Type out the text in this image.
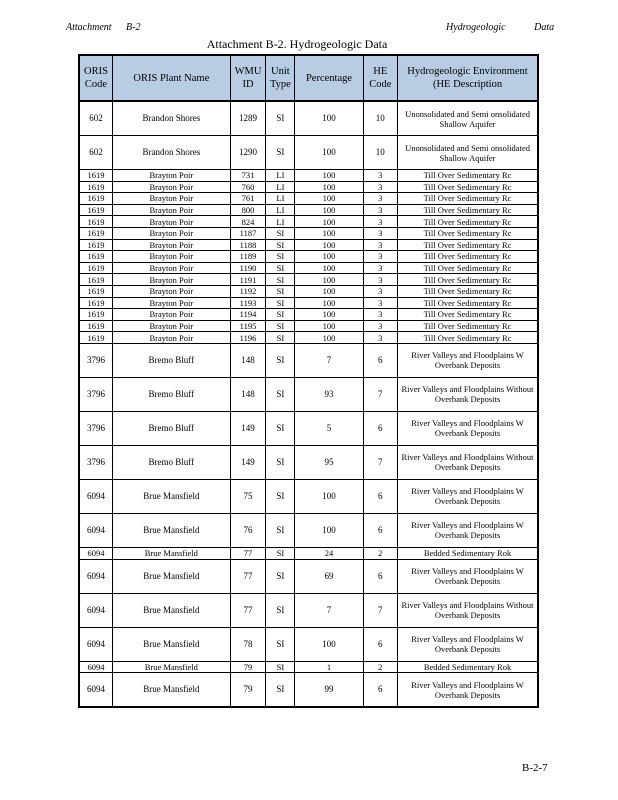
Attachment B-2	Hydrogeologic	Data
Attachment B-2. Hydrogeologic Data
ORIS Code	ORIS Plant Name	WMU ID	Unit Type	Percentage	HE Code	Hydrogeologic Environment (HE Description
602	Brandon Shores	1289	SI	100	10	Unonsolidated and Semi onsolidated Shallow Aquifer
602	Brandon Shores	1290	SI	100	10	Unonsolidated and Semi onsolidated Shallow Aquifer
1619	Brayton Poir	731	LI	100	3	Till Over Sedimentary Rc
1619	Brayton Poir	760	LI	100	3	Till Over Sedimentary Rc
1619	Brayton Poir	761	LI	100	3	Till Over Sedimentary Rc
1619	Brayton Poir	800	LI	100	3	Till Over Sedimentary Rc
1619	Brayton Poir	824	LI	100	3	Till Over Sedimentary Rc
1619	Brayton Poir	1187	SI	100	3	Till Over Sedimentary Rc
1619	Brayton Poir	1188	SI	100	3	Till Over Sedimentary Rc
1619	Brayton Poir	1189	SI	100	3	Till Over Sedimentary Rc
1619	Brayton Poir	1190	SI	100	3	Till Over Sedimentary Rc
1619	Brayton Poir	1191	SI	100	3	Till Over Sedimentary Rc
1619	Brayton Poir	1192	SI	100	3	Till Over Sedimentary Rc
1619	Brayton Poir	1193	SI	100	3	Till Over Sedimentary Rc
1619	Brayton Poir	1194	SI	100	3	Till Over Sedimentary Rc
1619	Brayton Poir	1195	SI	100	3	Till Over Sedimentary Rc
1619	Brayton Poir	1196	SI	100	3	Till Over Sedimentary Rc
3796	Bremo Bluff	148	SI	7	6	River Valleys and Floodplains W Overbank Deposits
3796	Bremo Bluff	148	SI	93	7	River Valleys and Floodplains Without Overbank Deposits
3796	Bremo Bluff	149	SI	5	6	River Valleys and Floodplains W Overbank Deposits
3796	Bremo Bluff	149	SI	95	7	River Valleys and Floodplains Without Overbank Deposits
6094	Brue Mansfield	75	SI	100	6	River Valleys and Floodplains W Overbank Deposits
6094	Brue Mansfield	76	SI	100	6	River Valleys and Floodplains W Overbank Deposits
6094	Brue Mansfield	77	SI	24	2	Bedded Sedimentary Rok
6094	Brue Mansfield	77	SI	69	6	River Valleys and Floodplains W Overbank Deposits
6094	Brue Mansfield	77	SI	7	7	River Valleys and Floodplains Without Overbank Deposits
6094	Brue Mansfield	78	SI	100	6	River Valleys and Floodplains W Overbank Deposits
6094	Brue Mansfield	79	SI	1	2	Bedded Sedimentary Rok
6094	Brue Mansfield	79	SI	99	6	River Valleys and Floodplains W Overbank Deposits
B-2-7
